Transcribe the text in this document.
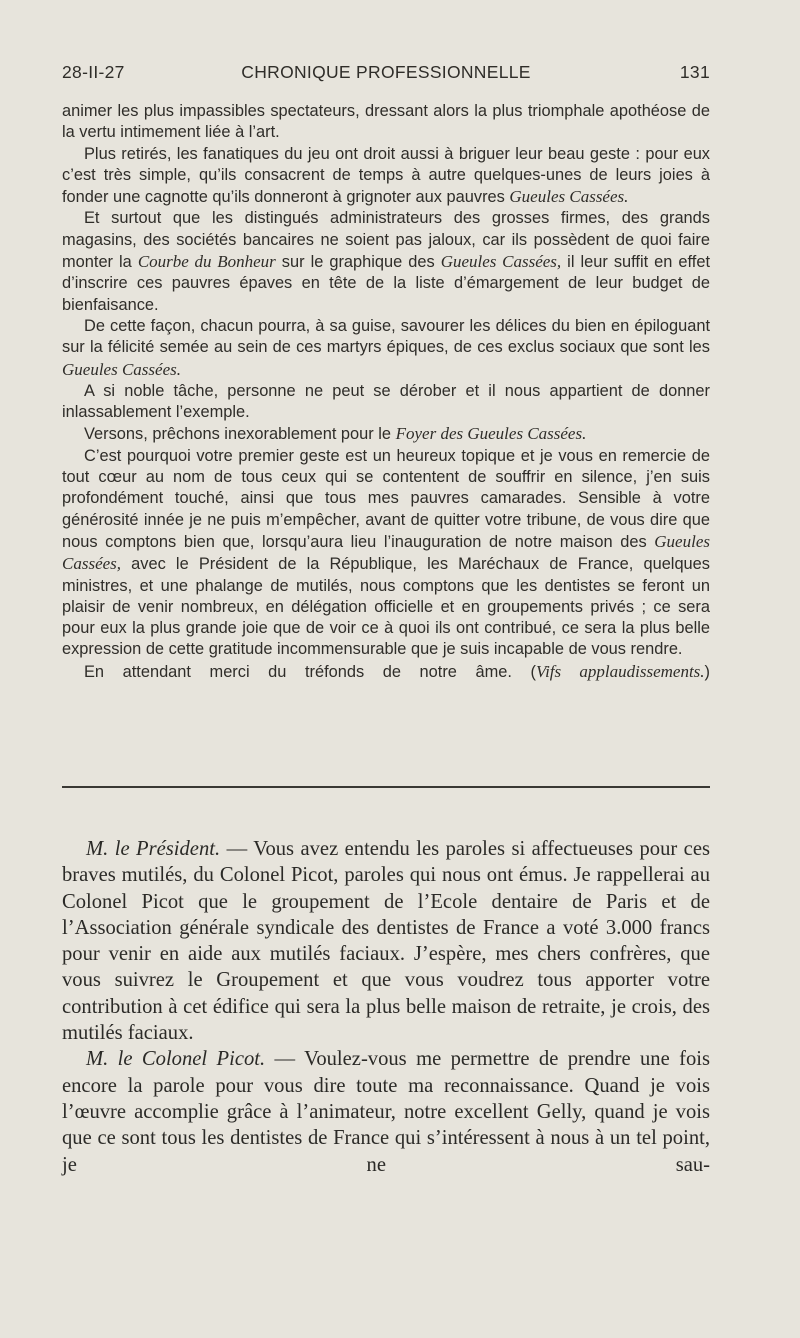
28-II-27	CHRONIQUE PROFESSIONNELLE	131

animer les plus impassibles spectateurs, dressant alors la plus triomphale apothéose de la vertu intimement liée à l’art.

Plus retirés, les fanatiques du jeu ont droit aussi à briguer leur beau geste : pour eux c’est très simple, qu’ils consacrent de temps à autre quelques-unes de leurs joies à fonder une cagnotte qu’ils donneront à grignoter aux pauvres Gueules Cassées.

Et surtout que les distingués administrateurs des grosses firmes, des grands magasins, des sociétés bancaires ne soient pas jaloux, car ils possèdent de quoi faire monter la Courbe du Bonheur sur le graphique des Gueules Cassées, il leur suffit en effet d’inscrire ces pauvres épaves en tête de la liste d’émargement de leur budget de bienfaisance.

De cette façon, chacun pourra, à sa guise, savourer les délices du bien en épiloguant sur la félicité semée au sein de ces martyrs épiques, de ces exclus sociaux que sont les Gueules Cassées.

A si noble tâche, personne ne peut se dérober et il nous appartient de donner inlassablement l’exemple.

Versons, prêchons inexorablement pour le Foyer des Gueules Cassées.

C’est pourquoi votre premier geste est un heureux topique et je vous en remercie de tout cœur au nom de tous ceux qui se contentent de souffrir en silence, j’en suis profondément touché, ainsi que tous mes pauvres camarades. Sensible à votre générosité innée je ne puis m’empêcher, avant de quitter votre tribune, de vous dire que nous comptons bien que, lorsqu’aura lieu l’inauguration de notre maison des Gueules Cassées, avec le Président de la République, les Maréchaux de France, quelques ministres, et une phalange de mutilés, nous comptons que les dentistes se feront un plaisir de venir nombreux, en délégation officielle et en groupements privés ; ce sera pour eux la plus grande joie que de voir ce à quoi ils ont contribué, ce sera la plus belle expression de cette gratitude incommensurable que je suis incapable de vous rendre.

En attendant merci du tréfonds de notre âme. (Vifs applaudissements.)

M. le Président. — Vous avez entendu les paroles si affectueuses pour ces braves mutilés, du Colonel Picot, paroles qui nous ont émus. Je rappellerai au Colonel Picot que le groupement de l’Ecole dentaire de Paris et de l’Association générale syndicale des dentistes de France a voté 3.000 francs pour venir en aide aux mutilés faciaux. J’espère, mes chers confrères, que vous suivrez le Groupement et que vous voudrez tous apporter votre contribution à cet édifice qui sera la plus belle maison de retraite, je crois, des mutilés faciaux.

M. le Colonel Picot. — Voulez-vous me permettre de prendre une fois encore la parole pour vous dire toute ma reconnaissance. Quand je vois l’œuvre accomplie grâce à l’animateur, notre excellent Gelly, quand je vois que ce sont tous les dentistes de France qui s’intéressent à nous à un tel point, je ne sau-
